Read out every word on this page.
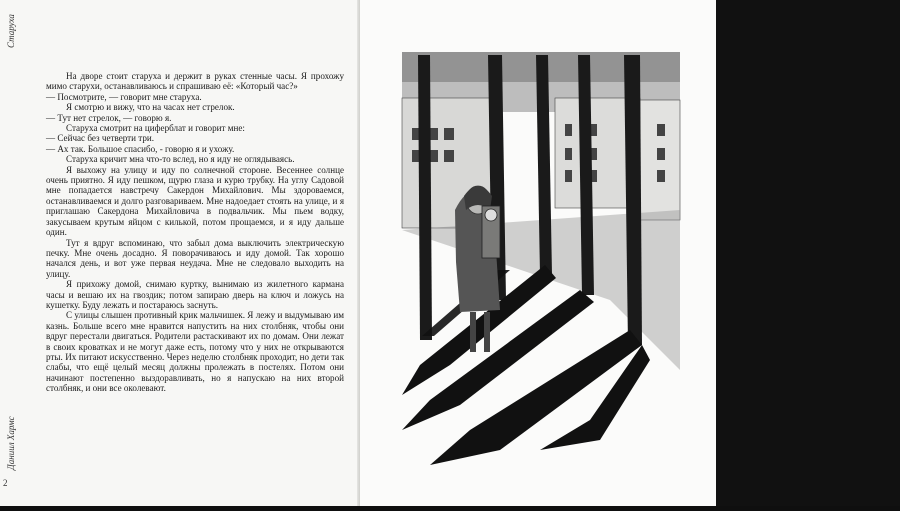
Старуха
Даниил Хармс
2

На дворе стоит старуха и держит в руках стенные часы. Я прохожу мимо старухи, останавливаюсь и спрашиваю её: «Который час?»

— Посмотрите, — говорит мне старуха.

Я смотрю и вижу, что на часах нет стрелок.

— Тут нет стрелок, — говорю я.

Старуха смотрит на циферблат и говорит мне:

— Сейчас без четверти три.

— Ах так. Большое спасибо, - говорю я и ухожу.

Старуха кричит мна что-то вслед, но я иду не оглядываясь.

Я выхожу на улицу и иду по солнечной стороне. Весеннее солнце очень приятно. Я иду пешком, щурю глаза и курю трубку. На углу Садовой мне попадается навстречу Сакердон Михайлович. Мы здороваемся, останавливаемся и долго разговариваем. Мне надоедает стоять на улице, и я приглашаю Сакердона Михайловича в подвальчик. Мы пьем водку, закусываем крутым яйцом с килькой, потом прощаемся, и я иду дальше один.

Тут я вдруг вспоминаю, что забыл дома выключить электрическую печку. Мне очень досадно. Я поворачиваюсь и иду домой. Так хорошо начался день, и вот уже первая неудача. Мне не следовало выходить на улицу.

Я прихожу домой, снимаю куртку, вынимаю из жилетного кармана часы и вешаю их на гвоздик; потом запираю дверь на ключ и ложусь на кушетку. Буду лежать и постараюсь заснуть.

С улицы слышен противный крик мальчишек. Я лежу и выдумываю им казнь. Больше всего мне нравится напустить на них столбняк, чтобы они вдруг перестали двигаться. Родители растаскивают их по домам. Они лежат в своих кроватках и не могут даже есть, потому что у них не открываются рты. Их питают искусственно. Через неделю столбняк проходит, но дети так слабы, что ещё целый месяц должны пролежать в постелях. Потом они начинают постепенно выздоравливать, но я напускаю на них второй столбняк, и они все околевают.
